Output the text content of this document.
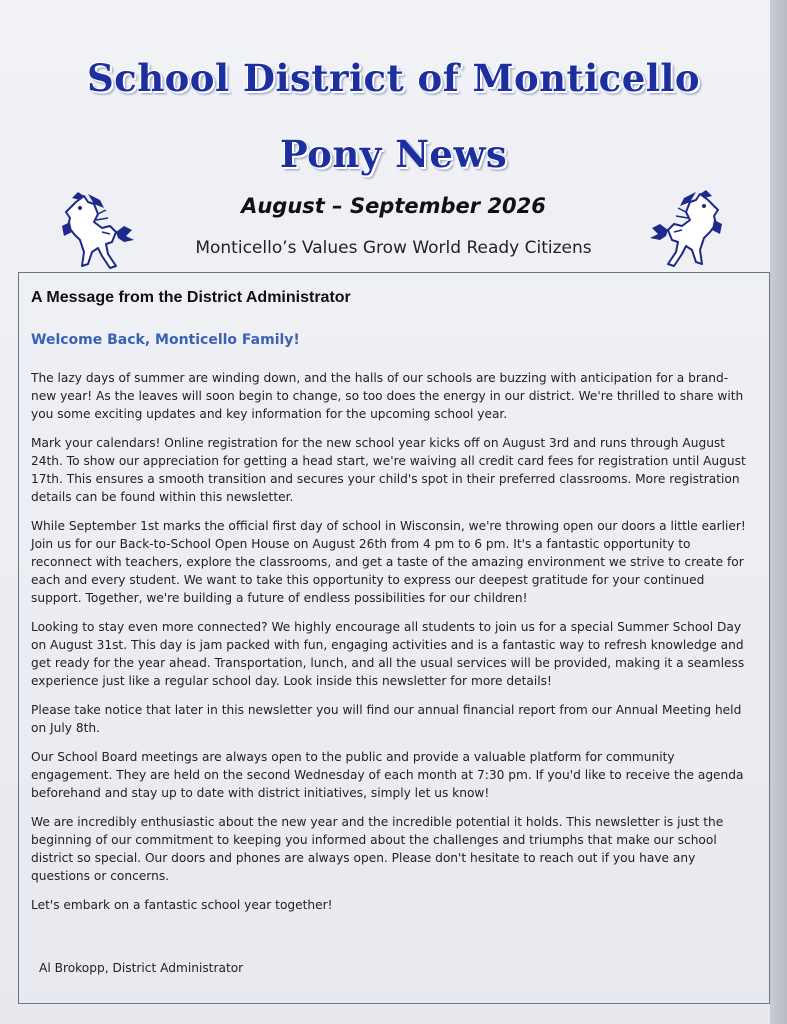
School District of Monticello
Pony News
August – September 2026
Monticello’s Values Grow World Ready Citizens
A Message from the District Administrator
Welcome Back, Monticello Family!

The lazy days of summer are winding down, and the halls of our schools are buzzing with anticipation for a brand-new year! As the leaves will soon begin to change, so too does the energy in our district. We're thrilled to share with you some exciting updates and key information for the upcoming school year.

Mark your calendars! Online registration for the new school year kicks off on August 3rd and runs through August 24th. To show our appreciation for getting a head start, we're waiving all credit card fees for registration until August 17th. This ensures a smooth transition and secures your child's spot in their preferred classrooms. More registration details can be found within this newsletter.

While September 1st marks the official first day of school in Wisconsin, we're throwing open our doors a little earlier! Join us for our Back-to-School Open House on August 26th from 4 pm to 6 pm. It's a fantastic opportunity to reconnect with teachers, explore the classrooms, and get a taste of the amazing environment we strive to create for each and every student. We want to take this opportunity to express our deepest gratitude for your continued support. Together, we're building a future of endless possibilities for our children!

Looking to stay even more connected? We highly encourage all students to join us for a special Summer School Day on August 31st. This day is jam packed with fun, engaging activities and is a fantastic way to refresh knowledge and get ready for the year ahead. Transportation, lunch, and all the usual services will be provided, making it a seamless experience just like a regular school day. Look inside this newsletter for more details!

Please take notice that later in this newsletter you will find our annual financial report from our Annual Meeting held on July 8th.

Our School Board meetings are always open to the public and provide a valuable platform for community engagement. They are held on the second Wednesday of each month at 7:30 pm. If you'd like to receive the agenda beforehand and stay up to date with district initiatives, simply let us know!

We are incredibly enthusiastic about the new year and the incredible potential it holds. This newsletter is just the beginning of our commitment to keeping you informed about the challenges and triumphs that make our school district so special. Our doors and phones are always open. Please don't hesitate to reach out if you have any questions or concerns.

Let's embark on a fantastic school year together!

Al Brokopp, District Administrator
